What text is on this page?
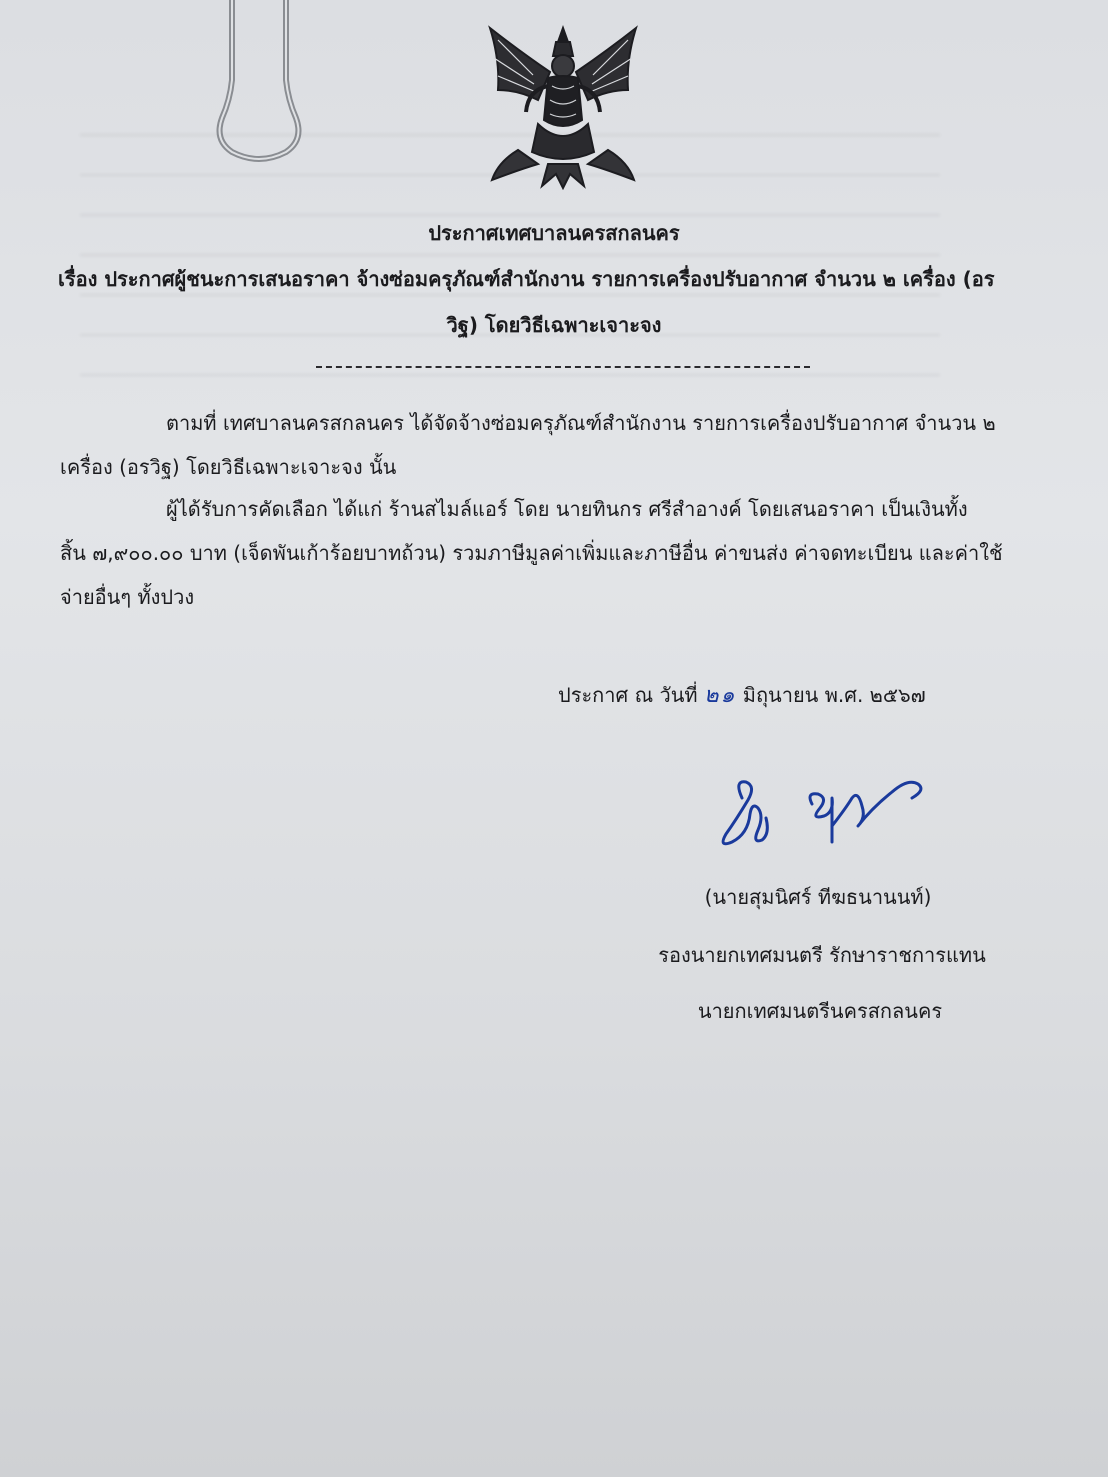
ประกาศเทศบาลนครสกลนคร
เรื่อง ประกาศผู้ชนะการเสนอราคา จ้างซ่อมครุภัณฑ์สำนักงาน รายการเครื่องปรับอากาศ จำนวน ๒ เครื่อง (อร
วิฐ) โดยวิธีเฉพาะเจาะจง
ตามที่ เทศบาลนครสกลนคร ได้จัดจ้างซ่อมครุภัณฑ์สำนักงาน รายการเครื่องปรับอากาศ จำนวน ๒
เครื่อง (อรวิฐ) โดยวิธีเฉพาะเจาะจง นั้น
ผู้ได้รับการคัดเลือก ได้แก่ ร้านสไมล์แอร์ โดย นายทินกร ศรีสำอางค์ โดยเสนอราคา เป็นเงินทั้ง
สิ้น ๗,๙๐๐.๐๐ บาท (เจ็ดพันเก้าร้อยบาทถ้วน) รวมภาษีมูลค่าเพิ่มและภาษีอื่น ค่าขนส่ง ค่าจดทะเบียน และค่าใช้
จ่ายอื่นๆ ทั้งปวง
ประกาศ ณ วันที่ ๒๑ มิถุนายน พ.ศ. ๒๕๖๗
(นายสุมนิศร์ ทีฆธนานนท์)
รองนายกเทศมนตรี รักษาราชการแทน
นายกเทศมนตรีนครสกลนคร
